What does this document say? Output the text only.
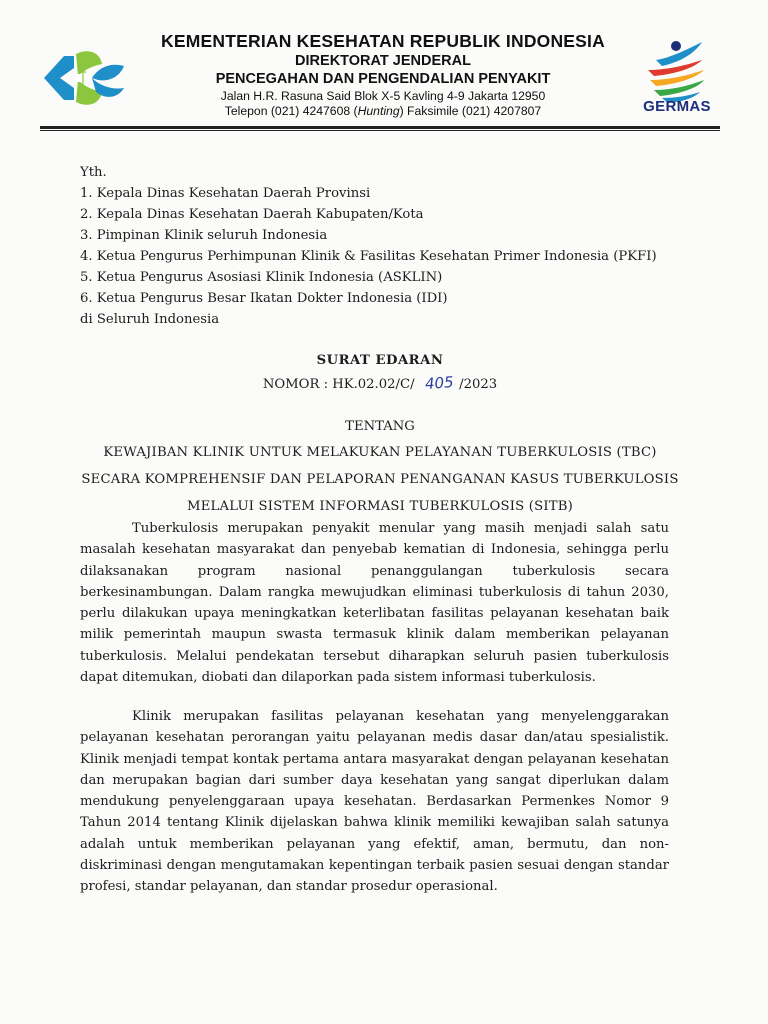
KEMENTERIAN KESEHATAN REPUBLIK INDONESIA
DIREKTORAT JENDERAL
PENCEGAHAN DAN PENGENDALIAN PENYAKIT
Jalan H.R. Rasuna Said Blok X-5 Kavling 4-9 Jakarta 12950
Telepon (021) 4247608 (Hunting) Faksimile (021) 4207807	GERMAS
Yth.
1. Kepala Dinas Kesehatan Daerah Provinsi
2. Kepala Dinas Kesehatan Daerah Kabupaten/Kota
3. Pimpinan Klinik seluruh Indonesia
4. Ketua Pengurus Perhimpunan Klinik & Fasilitas Kesehatan Primer Indonesia (PKFI)
5. Ketua Pengurus Asosiasi Klinik Indonesia (ASKLIN)
6. Ketua Pengurus Besar Ikatan Dokter Indonesia (IDI)
di Seluruh Indonesia
SURAT EDARAN
NOMOR : HK.02.02/C/ 405 /2023
TENTANG
KEWAJIBAN KLINIK UNTUK MELAKUKAN PELAYANAN TUBERKULOSIS (TBC)
SECARA KOMPREHENSIF DAN PELAPORAN PENANGANAN KASUS TUBERKULOSIS
MELALUI SISTEM INFORMASI TUBERKULOSIS (SITB)
Tuberkulosis merupakan penyakit menular yang masih menjadi salah satu masalah kesehatan masyarakat dan penyebab kematian di Indonesia, sehingga perlu dilaksanakan program nasional penanggulangan tuberkulosis secara berkesinambungan. Dalam rangka mewujudkan eliminasi tuberkulosis di tahun 2030, perlu dilakukan upaya meningkatkan keterlibatan fasilitas pelayanan kesehatan baik milik pemerintah maupun swasta termasuk klinik dalam memberikan pelayanan tuberkulosis. Melalui pendekatan tersebut diharapkan seluruh pasien tuberkulosis dapat ditemukan, diobati dan dilaporkan pada sistem informasi tuberkulosis.
Klinik merupakan fasilitas pelayanan kesehatan yang menyelenggarakan pelayanan kesehatan perorangan yaitu pelayanan medis dasar dan/atau spesialistik. Klinik menjadi tempat kontak pertama antara masyarakat dengan pelayanan kesehatan dan merupakan bagian dari sumber daya kesehatan yang sangat diperlukan dalam mendukung penyelenggaraan upaya kesehatan. Berdasarkan Permenkes Nomor 9 Tahun 2014 tentang Klinik dijelaskan bahwa klinik memiliki kewajiban salah satunya adalah untuk memberikan pelayanan yang efektif, aman, bermutu, dan non-diskriminasi dengan mengutamakan kepentingan terbaik pasien sesuai dengan standar profesi, standar pelayanan, dan standar prosedur operasional.
